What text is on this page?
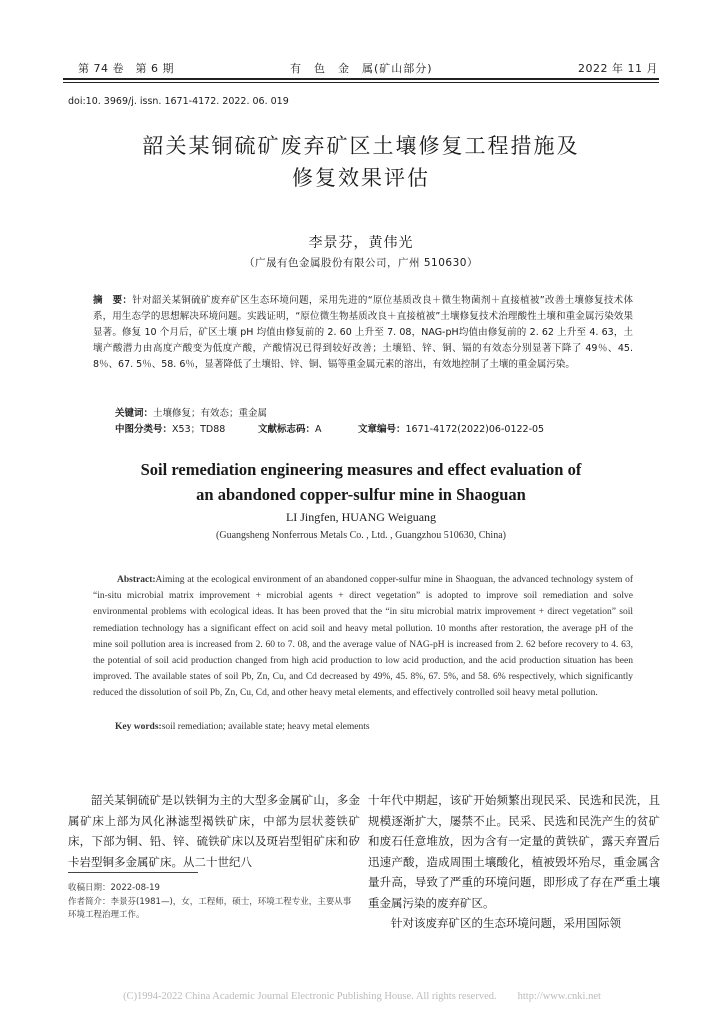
第 74 卷　第 6 期	有　色　金　属(矿山部分)	2022 年 11 月
doi:10. 3969/j. issn. 1671-4172. 2022. 06. 019
韶关某铜硫矿废弃矿区土壤修复工程措施及
修复效果评估
李景芬，黄伟光
（广晟有色金属股份有限公司，广州 510630）
摘　要：针对韶关某铜硫矿废弃矿区生态环境问题，采用先进的“原位基质改良＋微生物菌剂＋直接植被”改善土壤修复技术体系，用生态学的思想解决环境问题。实践证明，“原位微生物基质改良＋直接植被”土壤修复技术治理酸性土壤和重金属污染效果显著。修复 10 个月后，矿区土壤 pH 均值由修复前的 2. 60 上升至 7. 08，NAG-pH均值由修复前的 2. 62 上升至 4. 63，土壤产酸潜力由高度产酸变为低度产酸，产酸情况已得到较好改善；土壤铅、锌、铜、镉的有效态分别显著下降了 49％、45. 8％、67. 5％、58. 6％，显著降低了土壤铅、锌、铜、镉等重金属元素的溶出，有效地控制了土壤的重金属污染。
关键词：土壤修复；有效态；重金属
中图分类号：X53；TD88	文献标志码：A	文章编号：1671-4172(2022)06-0122-05
Soil remediation engineering measures and effect evaluation of
an abandoned copper-sulfur mine in Shaoguan
LI Jingfen, HUANG Weiguang
(Guangsheng Nonferrous Metals Co. , Ltd. , Guangzhou 510630, China)
Abstract:Aiming at the ecological environment of an abandoned copper-sulfur mine in Shaoguan, the advanced technology system of “in-situ microbial matrix improvement + microbial agents + direct vegetation” is adopted to improve soil remediation and solve environmental problems with ecological ideas. It has been proved that the “in situ microbial matrix improvement + direct vegetation” soil remediation technology has a significant effect on acid soil and heavy metal pollution. 10 months after restoration, the average pH of the mine soil pollution area is increased from 2. 60 to 7. 08, and the average value of NAG-pH is increased from 2. 62 before recovery to 4. 63, the potential of soil acid production changed from high acid production to low acid production, and the acid production situation has been improved. The available states of soil Pb, Zn, Cu, and Cd decreased by 49%, 45. 8%, 67. 5%, and 58. 6% respectively, which significantly reduced the dissolution of soil Pb, Zn, Cu, Cd, and other heavy metal elements, and effectively controlled soil heavy metal pollution.
Key words:soil remediation; available state; heavy metal elements

韶关某铜硫矿是以铁铜为主的大型多金属矿山，多金属矿床上部为风化淋滤型褐铁矿床，中部为层状菱铁矿床，下部为铜、铅、锌、硫铁矿床以及斑岩型钼矿床和矽卡岩型铜多金属矿床。从二十世纪八

十年代中期起，该矿开始频繁出现民采、民选和民洗，且规模逐渐扩大，屡禁不止。民采、民选和民洗产生的贫矿和废石任意堆放，因为含有一定量的黄铁矿，露天弃置后迅速产酸，造成周围土壤酸化，植被毁坏殆尽，重金属含量升高，导致了严重的环境问题，即形成了存在严重土壤重金属污染的废弃矿区。

针对该废弃矿区的生态环境问题，采用国际领

收稿日期：2022-08-19
作者简介：李景芬(1981—)，女，工程师，硕士，环境工程专业，主要从事环境工程治理工作。
(C)1994-2022 China Academic Journal Electronic Publishing House. All rights reserved.　　http://www.cnki.net
